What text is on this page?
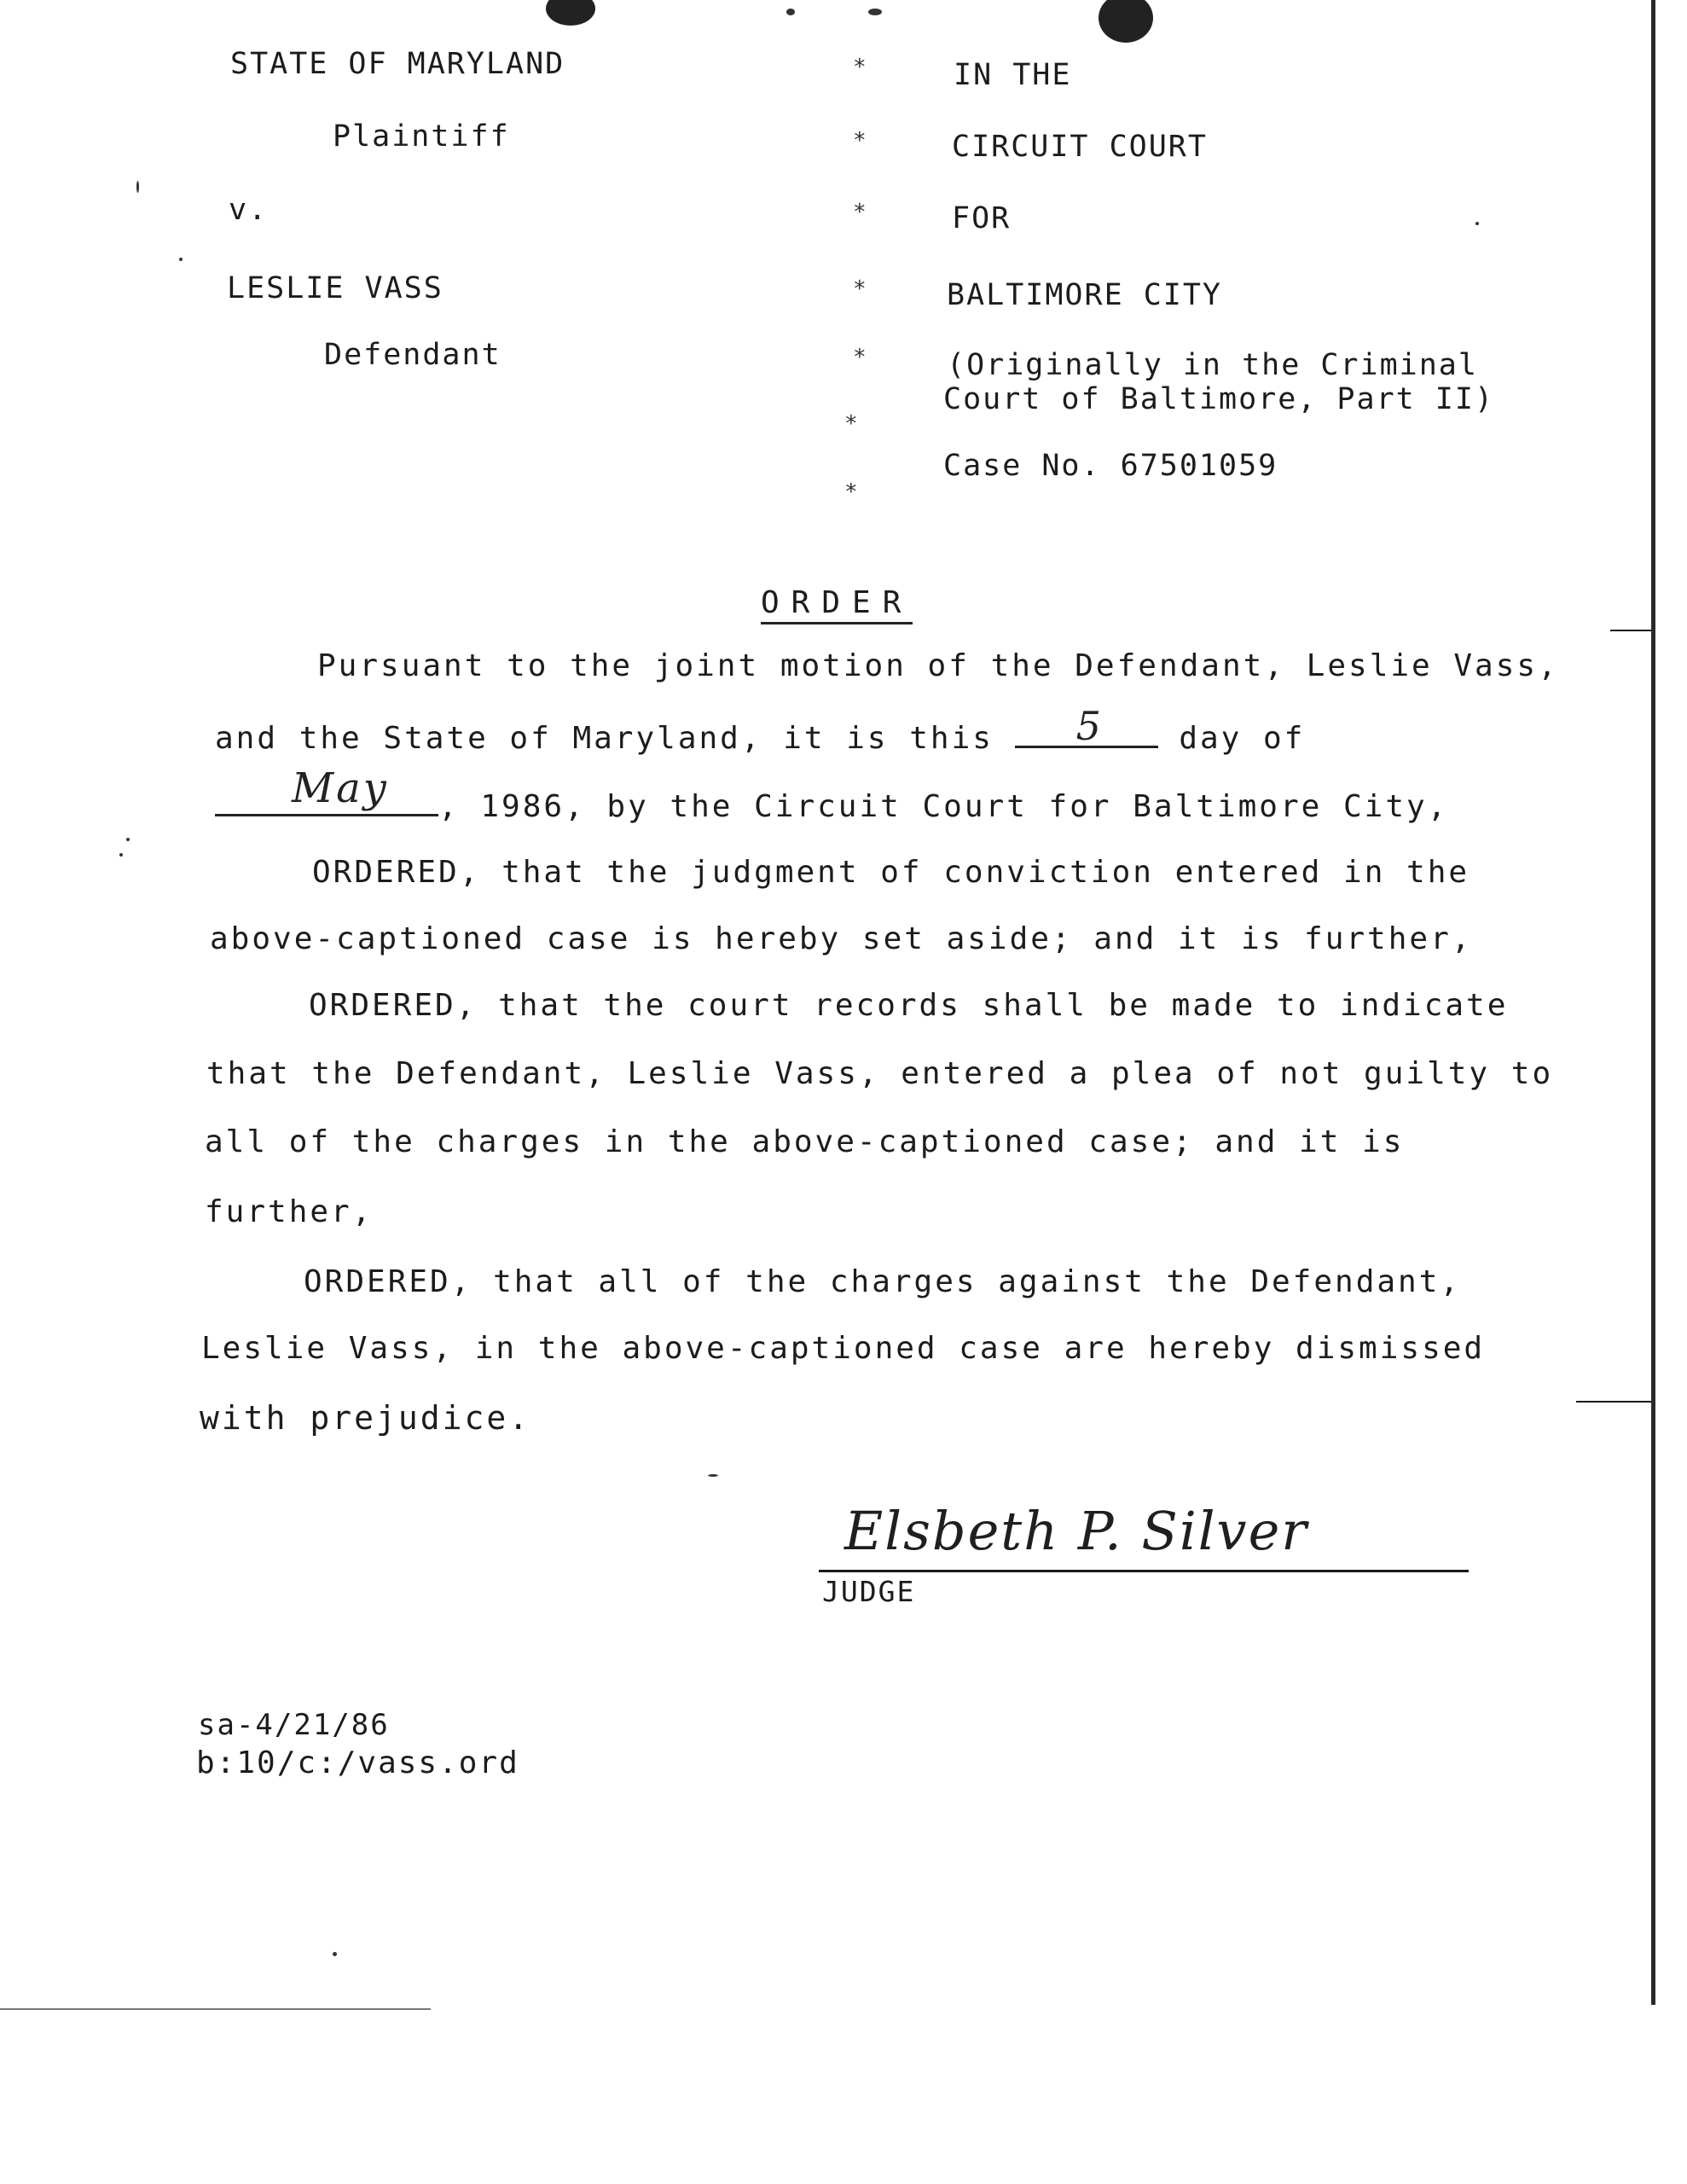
STATE OF MARYLAND
Plaintiff
v.
LESLIE VASS
Defendant
*
*
*
*
*
*
*
IN THE
CIRCUIT COURT
FOR
BALTIMORE CITY
(Originally in the Criminal
Court of Baltimore, Part II)
Case No. 67501059
ORDER
Pursuant to the joint motion of the Defendant, Leslie Vass,
and the State of Maryland, it is this 5 day of
May , 1986, by the Circuit Court for Baltimore City,
ORDERED, that the judgment of conviction entered in the
above-captioned case is hereby set aside; and it is further,
ORDERED, that the court records shall be made to indicate
that the Defendant, Leslie Vass, entered a plea of not guilty to
all of the charges in the above-captioned case; and it is
further,
ORDERED, that all of the charges against the Defendant,
Leslie Vass, in the above-captioned case are hereby dismissed
with prejudice.
Elsbeth P. Silver
JUDGE
sa-4/21/86
b:10/c:/vass.ord
